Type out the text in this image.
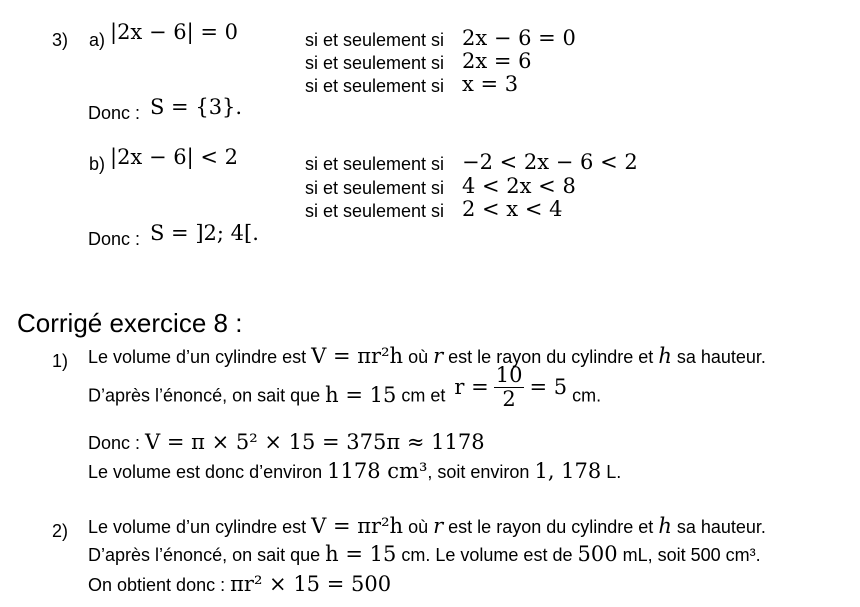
3) a) |2x − 6| = 0	si et seulement si 2x − 6 = 0
si et seulement si 2x = 6
si et seulement si x = 3
Donc : S = {3}.
b) |2x − 6| < 2	si et seulement si −2 < 2x − 6 < 2
si et seulement si 4 < 2x < 8
si et seulement si 2 < x < 4
Donc : S = ]2; 4[.
Corrigé exercice 8 :
1) Le volume d’un cylindre est V = πr²h où r est le rayon du cylindre et h sa hauteur.
D’après l’énoncé, on sait que h = 15 cm et $r = \frac{10}{2} = 5$ cm.
Donc : V = π × 5² × 15 = 375π ≈ 1178
Le volume est donc d’environ 1178 cm³, soit environ 1, 178 L.
2) Le volume d’un cylindre est V = πr²h où r est le rayon du cylindre et h sa hauteur.
D’après l’énoncé, on sait que h = 15 cm. Le volume est de 500 mL, soit 500 cm³.
On obtient donc : πr² × 15 = 500
